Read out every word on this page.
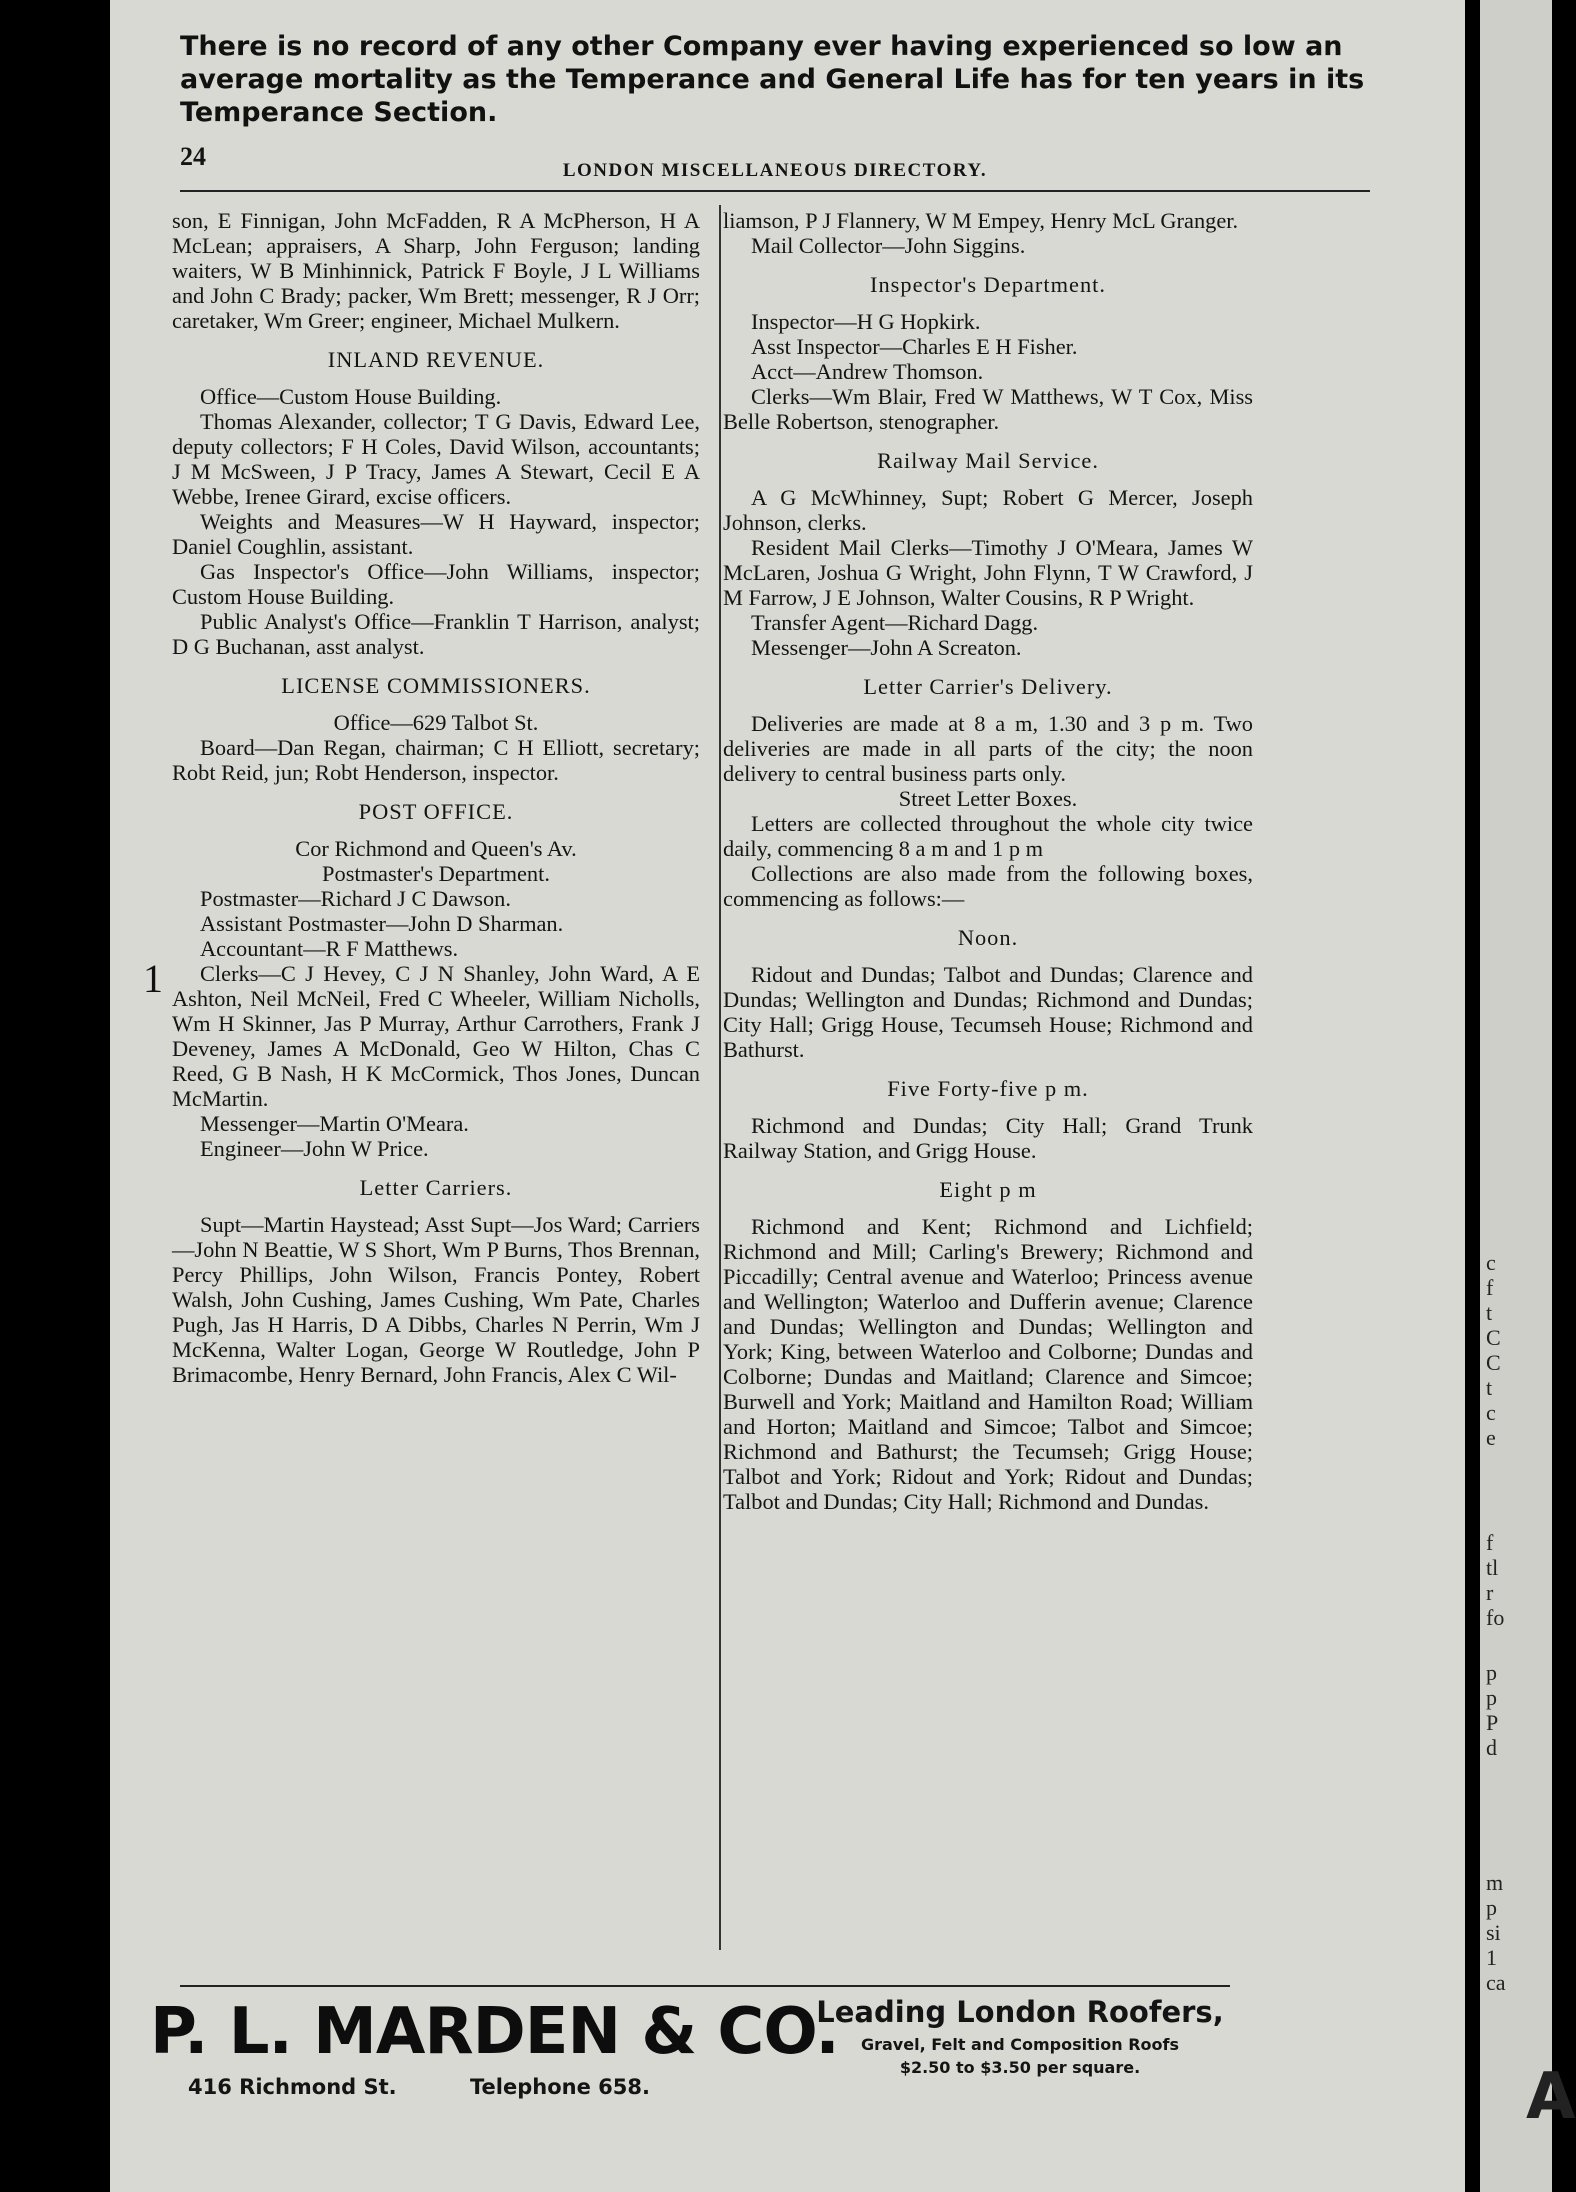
There is no record of any other Company ever having experienced so low an average mortality as the Temperance and General Life has for ten years in its Temperance Section.
24	LONDON MISCELLANEOUS DIRECTORY.
1

son, E Finnigan, John McFadden, R A McPherson, H A McLean; appraisers, A Sharp, John Ferguson; landing waiters, W B Minhinnick, Patrick F Boyle, J L Williams and John C Brady; packer, Wm Brett; messenger, R J Orr; caretaker, Wm Greer; engineer, Michael Mulkern.

INLAND REVENUE.

Office—Custom House Building.

Thomas Alexander, collector; T G Davis, Edward Lee, deputy collectors; F H Coles, David Wilson, accountants; J M McSween, J P Tracy, James A Stewart, Cecil E A Webbe, Irenee Girard, excise officers.

Weights and Measures—W H Hayward, inspector; Daniel Coughlin, assistant.

Gas Inspector's Office—John Williams, inspector; Custom House Building.

Public Analyst's Office—Franklin T Harrison, analyst; D G Buchanan, asst analyst.

LICENSE COMMISSIONERS.

Office—629 Talbot St.

Board—Dan Regan, chairman; C H Elliott, secretary; Robt Reid, jun; Robt Henderson, inspector.

POST OFFICE.

Cor Richmond and Queen's Av.

Postmaster's Department.

Postmaster—Richard J C Dawson.

Assistant Postmaster—John D Sharman.

Accountant—R F Matthews.

Clerks—C J Hevey, C J N Shanley, John Ward, A E Ashton, Neil McNeil, Fred C Wheeler, William Nicholls, Wm H Skinner, Jas P Murray, Arthur Carrothers, Frank J Deveney, James A McDonald, Geo W Hilton, Chas C Reed, G B Nash, H K McCormick, Thos Jones, Duncan McMartin.

Messenger—Martin O'Meara.

Engineer—John W Price.

Letter Carriers.

Supt—Martin Haystead; Asst Supt—Jos Ward; Carriers—John N Beattie, W S Short, Wm P Burns, Thos Brennan, Percy Phillips, John Wilson, Francis Pontey, Robert Walsh, John Cushing, James Cushing, Wm Pate, Charles Pugh, Jas H Harris, D A Dibbs, Charles N Perrin, Wm J McKenna, Walter Logan, George W Routledge, John P Brimacombe, Henry Bernard, John Francis, Alex C Wil-

liamson, P J Flannery, W M Empey, Henry McL Granger.

Mail Collector—John Siggins.

Inspector's Department.

Inspector—H G Hopkirk.

Asst Inspector—Charles E H Fisher.

Acct—Andrew Thomson.

Clerks—Wm Blair, Fred W Matthews, W T Cox, Miss Belle Robertson, stenographer.

Railway Mail Service.

A G McWhinney, Supt; Robert G Mercer, Joseph Johnson, clerks.

Resident Mail Clerks—Timothy J O'Meara, James W McLaren, Joshua G Wright, John Flynn, T W Crawford, J M Farrow, J E Johnson, Walter Cousins, R P Wright.

Transfer Agent—Richard Dagg.

Messenger—John A Screaton.

Letter Carrier's Delivery.

Deliveries are made at 8 a m, 1.30 and 3 p m. Two deliveries are made in all parts of the city; the noon delivery to central business parts only.

Street Letter Boxes.

Letters are collected throughout the whole city twice daily, commencing 8 a m and 1 p m

Collections are also made from the following boxes, commencing as follows:—

Noon.

Ridout and Dundas; Talbot and Dundas; Clarence and Dundas; Wellington and Dundas; Richmond and Dundas; City Hall; Grigg House, Tecumseh House; Richmond and Bathurst.

Five Forty-five p m.

Richmond and Dundas; City Hall; Grand Trunk Railway Station, and Grigg House.

Eight p m

Richmond and Kent; Richmond and Lichfield; Richmond and Mill; Carling's Brewery; Richmond and Piccadilly; Central avenue and Waterloo; Princess avenue and Wellington; Waterloo and Dufferin avenue; Clarence and Dundas; Wellington and Dundas; Wellington and York; King, between Waterloo and Colborne; Dundas and Colborne; Dundas and Maitland; Clarence and Simcoe; Burwell and York; Maitland and Hamilton Road; William and Horton; Maitland and Simcoe; Talbot and Simcoe; Richmond and Bathurst; the Tecumseh; Grigg House; Talbot and York; Ridout and York; Ridout and Dundas; Talbot and Dundas; City Hall; Richmond and Dundas.

P. L. MARDEN & CO.
416 Richmond St.	Telephone 658.
Leading London Roofers,
Gravel, Felt and Composition Roofs
$2.50 to $3.50 per square.
c
f
t
C
C
t
c
e
f
tl
r
fo
p
p
P
d
m
p
si
1
ca
A
